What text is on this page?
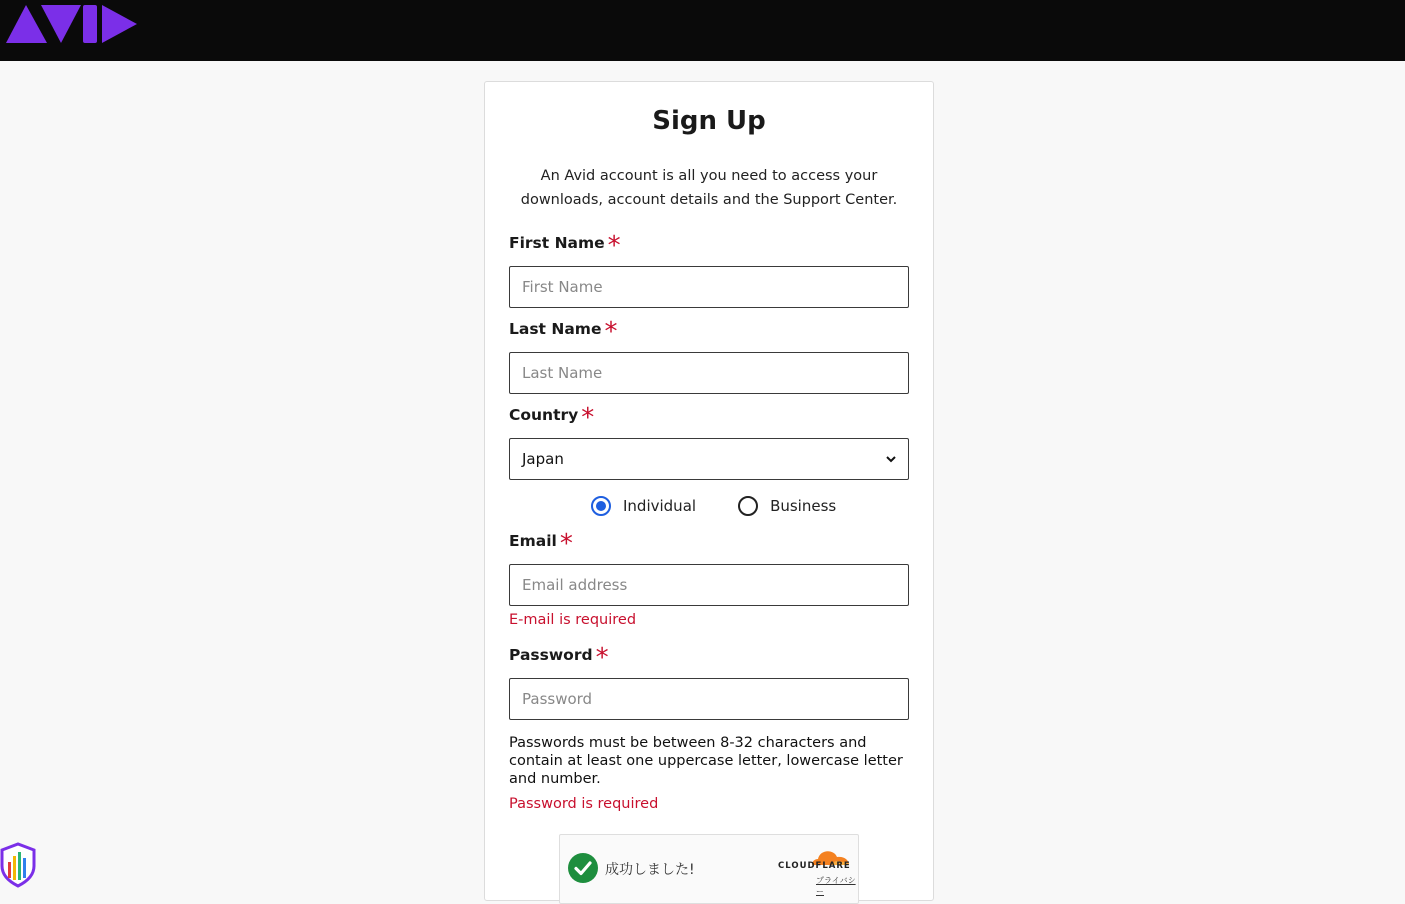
Sign Up
An Avid account is all you need to access your downloads, account details and the Support Center.
First Name *
First Name
Last Name *
Last Name
Country *
Japan
Individual	Business
Email *
Email address
E-mail is required
Password *
Passwords must be between 8-32 characters and contain at least one uppercase letter, lowercase letter and number.
Password is required
成功しました!	CLOUDFLARE
プライバシー
